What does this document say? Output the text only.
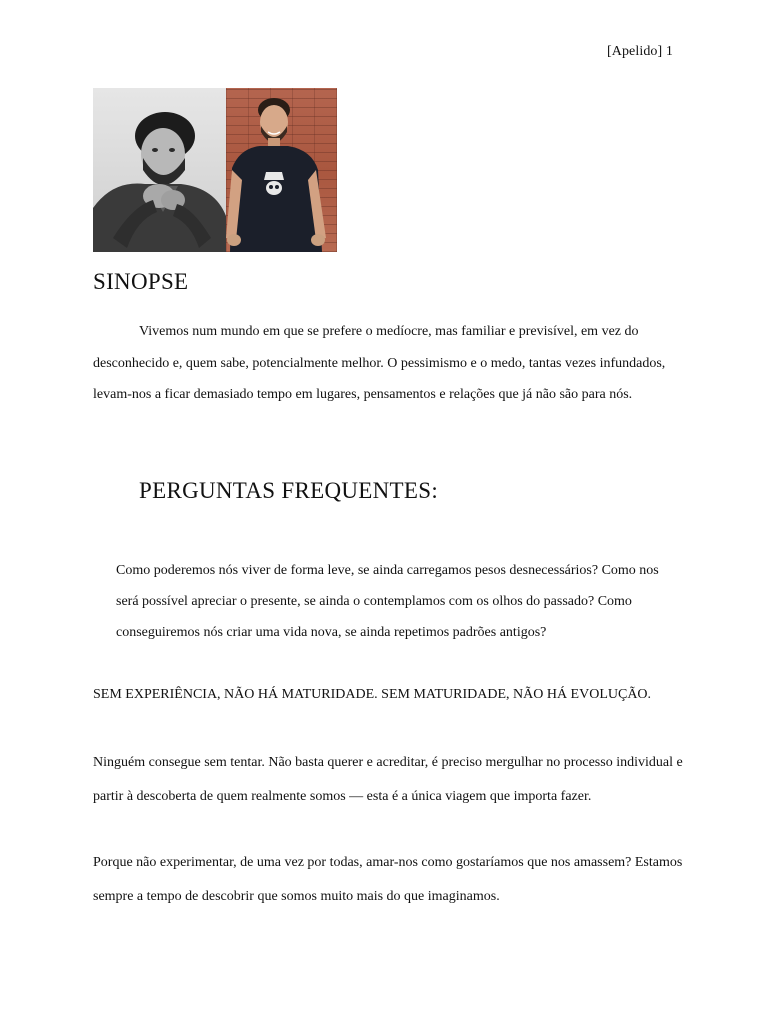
[Apelido] 1
SINOPSE

Vivemos num mundo em que se prefere o medíocre, mas familiar e previsível, em vez do desconhecido e, quem sabe, potencialmente melhor. O pessimismo e o medo, tantas vezes infundados, levam-nos a ficar demasiado tempo em lugares, pensamentos e relações que já não são para nós.

PERGUNTAS FREQUENTES:

Como poderemos nós viver de forma leve, se ainda carregamos pesos desnecessários? Como nos será possível apreciar o presente, se ainda o contemplamos com os olhos do passado? Como conseguiremos nós criar uma vida nova, se ainda repetimos padrões antigos?

SEM EXPERIÊNCIA, NÃO HÁ MATURIDADE. SEM MATURIDADE, NÃO HÁ EVOLUÇÃO.

Ninguém consegue sem tentar. Não basta querer e acreditar, é preciso mergulhar no processo individual e partir à descoberta de quem realmente somos — esta é a única viagem que importa fazer.

Porque não experimentar, de uma vez por todas, amar-nos como gostaríamos que nos amassem? Estamos sempre a tempo de descobrir que somos muito mais do que imaginamos.
